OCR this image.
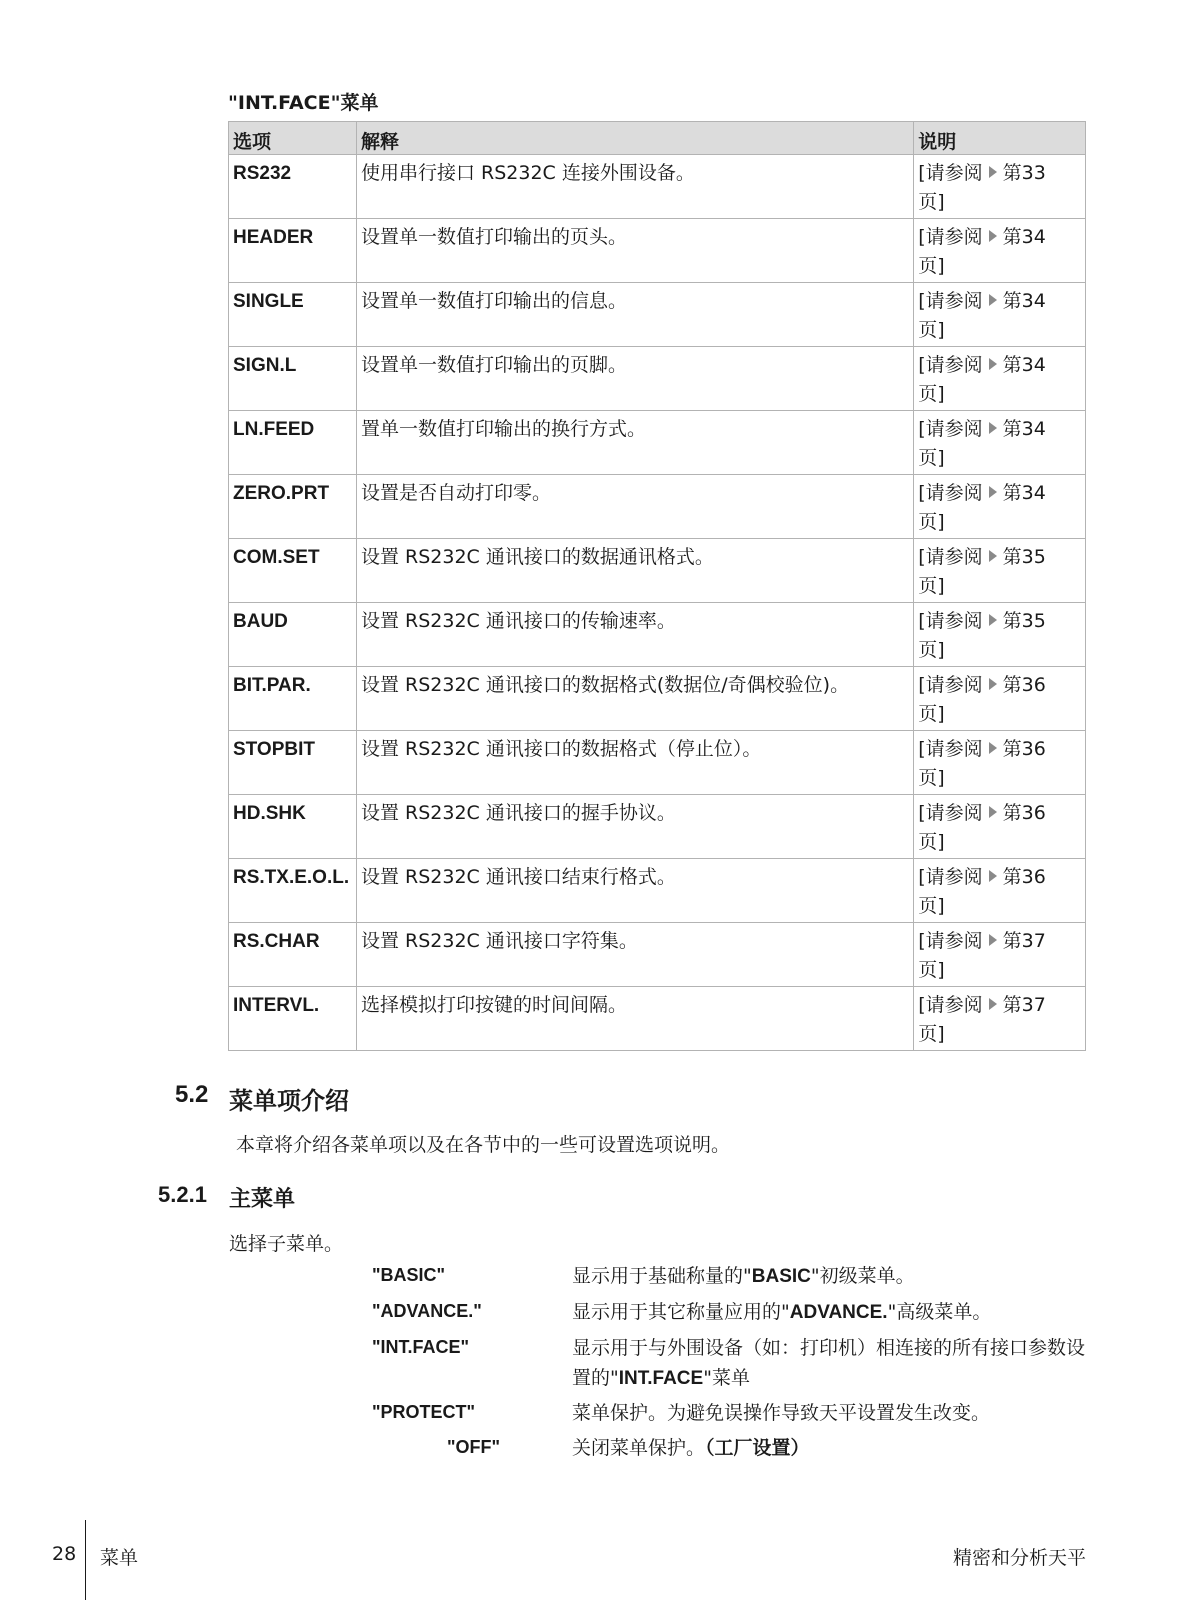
"INT.FACE"菜单
选项	解释	说明
RS232	使用串行接口 RS232C 连接外围设备。	[请参阅 第33
页]
HEADER	设置单一数值打印输出的页头。	[请参阅 第34
页]
SINGLE	设置单一数值打印输出的信息。	[请参阅 第34
页]
SIGN.L	设置单一数值打印输出的页脚。	[请参阅 第34
页]
LN.FEED	置单一数值打印输出的换行方式。	[请参阅 第34
页]
ZERO.PRT	设置是否自动打印零。	[请参阅 第34
页]
COM.SET	设置 RS232C 通讯接口的数据通讯格式。	[请参阅 第35
页]
BAUD	设置 RS232C 通讯接口的传输速率。	[请参阅 第35
页]
BIT.PAR.	设置 RS232C 通讯接口的数据格式(数据位/奇偶校验位)。	[请参阅 第36
页]
STOPBIT	设置 RS232C 通讯接口的数据格式（停止位）。	[请参阅 第36
页]
HD.SHK	设置 RS232C 通讯接口的握手协议。	[请参阅 第36
页]
RS.TX.E.O.L.	设置 RS232C 通讯接口结束行格式。	[请参阅 第36
页]
RS.CHAR	设置 RS232C 通讯接口字符集。	[请参阅 第37
页]
INTERVL.	选择模拟打印按键的时间间隔。	[请参阅 第37
页]
5.2 菜单项介绍
本章将介绍各菜单项以及在各节中的一些可设置选项说明。
5.2.1 主菜单
选择子菜单。
"BASIC"	显示用于基础称量的"BASIC"初级菜单。
"ADVANCE."	显示用于其它称量应用的"ADVANCE."高级菜单。
"INT.FACE"	显示用于与外围设备（如：打印机）相连接的所有接口参数设置的"INT.FACE"菜单
"PROTECT"	菜单保护。为避免误操作导致天平设置发生改变。
"OFF"	关闭菜单保护。（工厂设置）
28 菜单	精密和分析天平
